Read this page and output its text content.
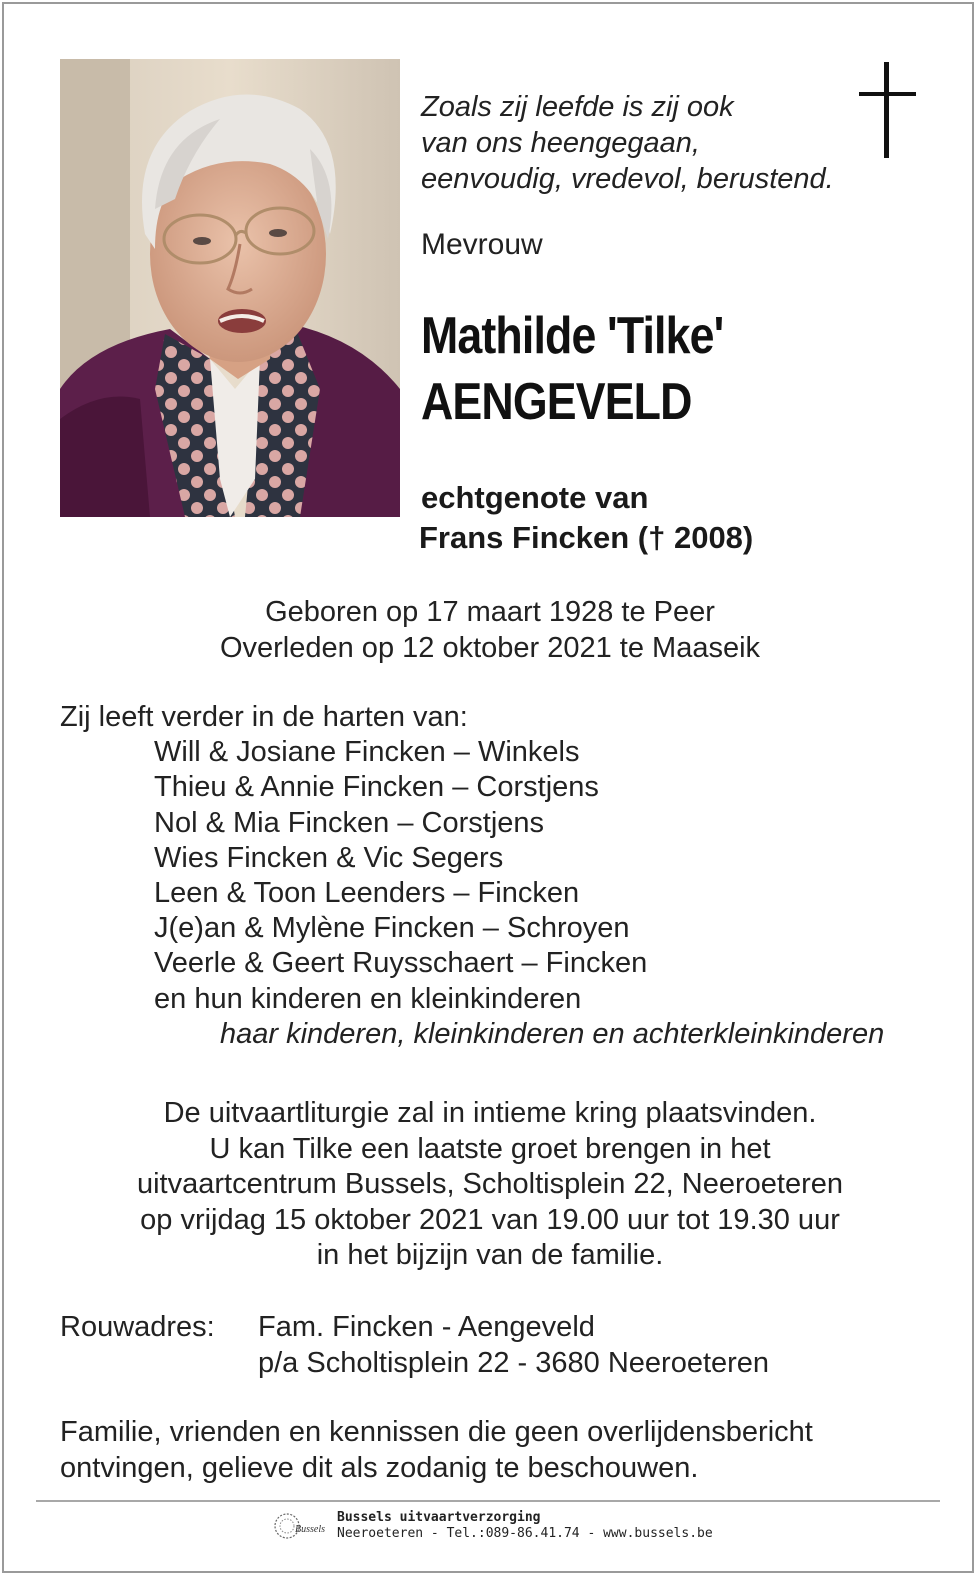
Zoals zij leefde is zij ook
van ons heengegaan,
eenvoudig, vredevol, berustend.
Mevrouw
Mathilde 'Tilke'
AENGEVELD
echtgenote van
Frans Fincken († 2008)
Geboren op 17 maart 1928 te Peer
Overleden op 12 oktober 2021 te Maaseik
Zij leeft verder in de harten van:
Will & Josiane Fincken – Winkels
Thieu & Annie Fincken – Corstjens
Nol & Mia Fincken – Corstjens
Wies Fincken & Vic Segers
Leen & Toon Leenders – Fincken
J(e)an & Mylène Fincken – Schroyen
Veerle & Geert Ruysschaert – Fincken
en hun kinderen en kleinkinderen
haar kinderen, kleinkinderen en achterkleinkinderen
De uitvaartliturgie zal in intieme kring plaatsvinden.
U kan Tilke een laatste groet brengen in het
uitvaartcentrum Bussels, Scholtisplein 22, Neeroeteren
op vrijdag 15 oktober 2021 van 19.00 uur tot 19.30 uur
in het bijzijn van de familie.
Rouwadres: Fam. Fincken - Aengeveld
p/a Scholtisplein 22 - 3680 Neeroeteren
Familie, vrienden en kennissen die geen overlijdensbericht
ontvingen, gelieve dit als zodanig te beschouwen.
Bussels
Bussels uitvaartverzorging
Neeroeteren - Tel.:089-86.41.74 - www.bussels.be
